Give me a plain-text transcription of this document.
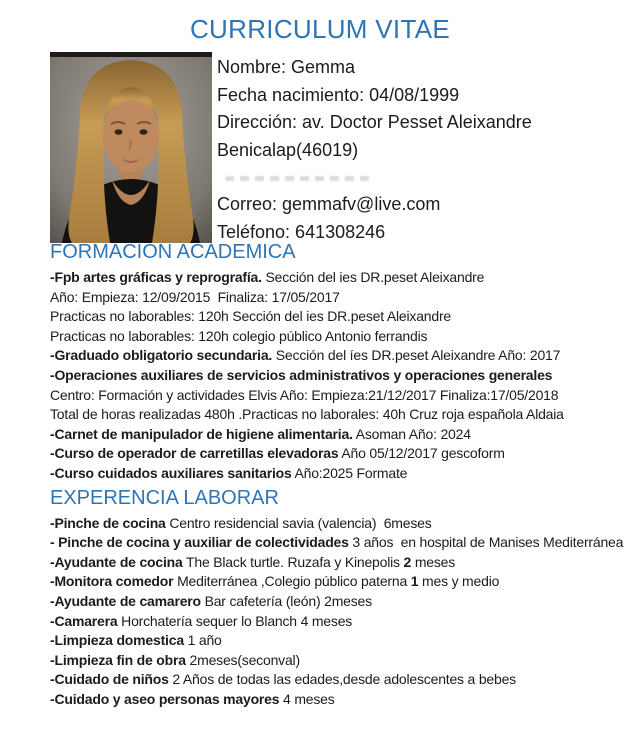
CURRICULUM VITAE

Nombre: Gemma

Fecha nacimiento: 04/08/1999

Dirección: av. Doctor Pesset Aleixandre

Benicalap(46019)

Correo: gemmafv@live.com

Teléfono: 641308246

FORMACION ACADEMICA

-Fpb artes gráficas y reprografía. Sección del ies DR.peset Aleixandre

Año: Empieza: 12/09/2015  Finaliza: 17/05/2017

Practicas no laborables: 120h Sección del ies DR.peset Aleixandre

Practicas no laborables: 120h colegio público Antonio ferrandis

-Graduado obligatorio secundaria. Sección del íes DR.peset Aleixandre Año: 2017

-Operaciones auxiliares de servicios administrativos y operaciones generales

Centro: Formación y actividades Elvis Año: Empieza:21/12/2017 Finaliza:17/05/2018

Total de horas realizadas 480h .Practicas no laborales: 40h Cruz roja española Aldaia

-Carnet de manipulador de higiene alimentaria. Asoman Año: 2024

-Curso de operador de carretillas elevadoras Año 05/12/2017 gescoform

-Curso cuidados auxiliares sanitarios Año:2025 Formate

EXPERENCIA LABORAR

-Pinche de cocina Centro residencial savia (valencia)  6meses

- Pinche de cocina y auxiliar de colectividades 3 años  en hospital de Manises Mediterránea

-Ayudante de cocina The Black turtle. Ruzafa y Kinepolis 2 meses

-Monitora comedor Mediterránea ,Colegio público paterna 1 mes y medio

-Ayudante de camarero Bar cafetería (león) 2meses

-Camarera Horchatería sequer lo Blanch 4 meses

-Limpieza domestica 1 año

-Limpieza fin de obra 2meses(seconval)

-Cuidado de niños 2 Años de todas las edades,desde adolescentes a bebes

-Cuidado y aseo personas mayores 4 meses
